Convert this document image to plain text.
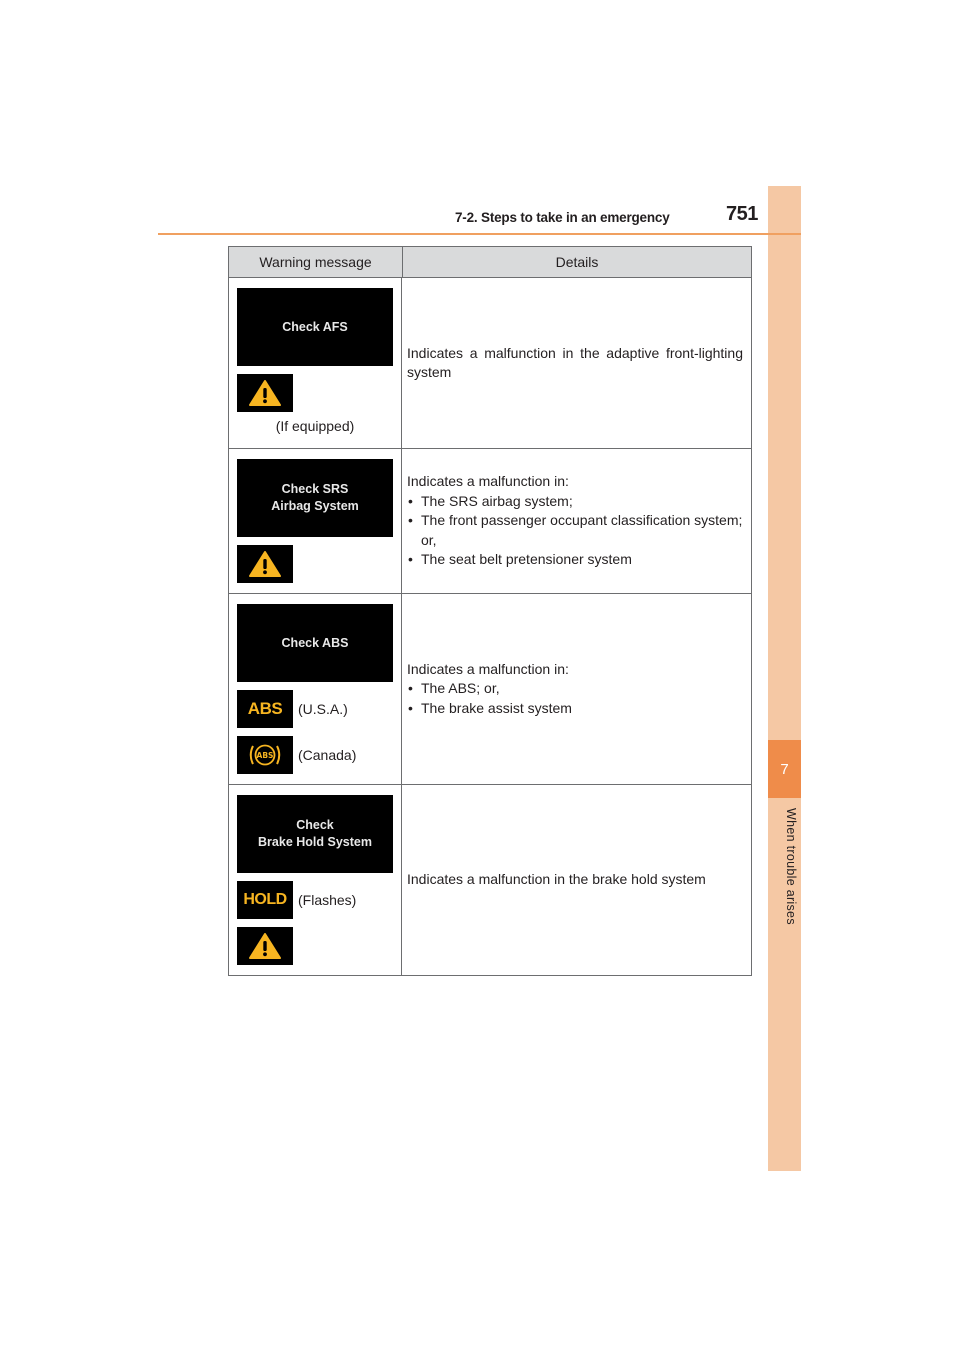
7
When trouble arises
7-2. Steps to take in an emergency	751
Warning message	Details
Check AFS
(If equipped)
Indicates a malfunction in the adaptive front-lighting system
Check SRS
Airbag System
Indicates a malfunction in:
• The SRS airbag system;
• The front passenger occupant classification system; or,
• The seat belt pretensioner system
Check ABS
ABS (U.S.A.)
ABS (Canada)
Indicates a malfunction in:
• The ABS; or,
• The brake assist system
Check
Brake Hold System
HOLD (Flashes)
Indicates a malfunction in the brake hold system
